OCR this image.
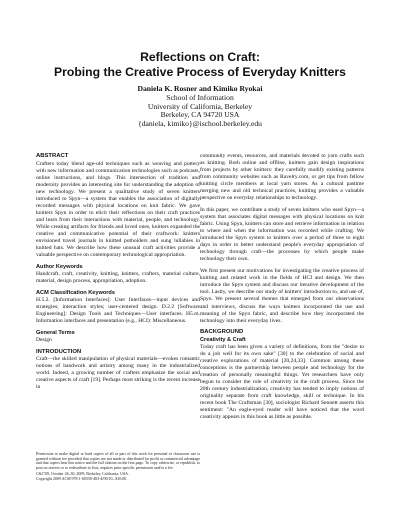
Reflections on Craft:
Probing the Creative Process of Everyday Knitters
Daniela K. Rosner and Kimiko Ryokai
School of Information
University of California, Berkeley
Berkeley, CA 94720 USA
{daniela, kimiko}@ischool.berkeley.edu
ABSTRACT

Crafters today blend age-old techniques such as weaving and pottery with new information and communication technologies such as podcasts, online instructions, and blogs. This intersection of tradition and modernity provides an interesting site for understanding the adoption of new technology. We present a qualitative study of seven knitters introduced to Spyn—a system that enables the association of digitally recorded messages with physical locations on knit fabric. We gave knitters Spyn in order to elicit their reflections on their craft practices and learn from their interactions with material, people, and technology. While creating artifacts for friends and loved ones, knitters expanded the creative and communicative potential of their craftwork: knitters envisioned travel journals in knitted potholders and sung lullabies in knitted hats. We describe how these unusual craft activities provide a valuable perspective on contemporary technological appropriation.

Author Keywords

Handcraft, craft, creativity, knitting, knitters, crafters, material culture, material, design process, appropriation, adoption.

ACM Classification Keywords

H.5.2. [Information Interfaces]: User Interfaces—input devices and strategies; interaction styles; user-centered design. D.2.2 [Software Engineering]: Design Tools and Techniques—User interfaces. H5.m. Information interfaces and presentation (e.g., HCI): Miscellaneous.

General Terms

Design

INTRODUCTION

Craft—the skilled manipulation of physical materials—evokes romantic notions of handwork and artistry among many in the industrialized world. Indeed, a growing number of crafters emphasize the social and creative aspects of craft [19]. Perhaps most striking is the recent increase in

Permission to make digital or hard copies of all or part of this work for personal or classroom use is granted without fee provided that copies are not made or distributed for profit or commercial advantage and that copies bear this notice and the full citation on the first page. To copy otherwise, or republish, to post on servers or to redistribute to lists, requires prior specific permission and/or a fee.

C&C'09, October 26–30, 2009, Berkeley, California, USA.
Copyright 2009 ACM 978-1-60558-403-4/09/10...$10.00.

community events, resources, and materials devoted to yarn crafts such as knitting. Both online and offline, knitters gain design inspirations from projects by other knitters: they carefully modify existing patterns from community websites such as Ravelry.com, or get tips from fellow knitting circle members at local yarn stores. As a cultural pastime merging new and old technical practices, knitting provides a valuable perspective on everyday relationships to technology.

In this paper, we contribute a study of seven knitters who used Spyn—a system that associates digital messages with physical locations on knit fabric. Using Spyn, knitters can store and retrieve information in relation to where and when the information was recorded while crafting. We introduced the Spyn system to knitters over a period of three to eight days in order to better understand people's everyday appropriation of technology through craft—the processes by which people make technology their own.

We first present our motivations for investigating the creative process of knitting and related work in the fields of HCI and design. We then introduce the Spyn system and discuss our iterative development of the tool. Lastly, we describe our study of knitters' introduction to, and use of, Spyn. We present several themes that emerged from our observations and interviews, discuss the ways knitters incorporated the use and meaning of the Spyn fabric, and describe how they incorporated the technology into their everyday lives.

BACKGROUND
Creativity & Craft

Today craft has been given a variety of definitions, from the "desire to do a job well for its own sake" [30] to the celebration of social and creative explorations of material [20,24,33]. Common among these conceptions is the partnership between people and technology for the creation of personally meaningful things. Yet researchers have only begun to consider the role of creativity in the craft process. Since the 20th century industrialization, creativity has tended to imply notions of originality separate from craft knowledge, skill or technique. In his recent book The Craftsman [30], sociologist Richard Sennett asserts this sentiment: "An eagle-eyed reader will have noticed that the word creativity appears in this book as little as possible.
